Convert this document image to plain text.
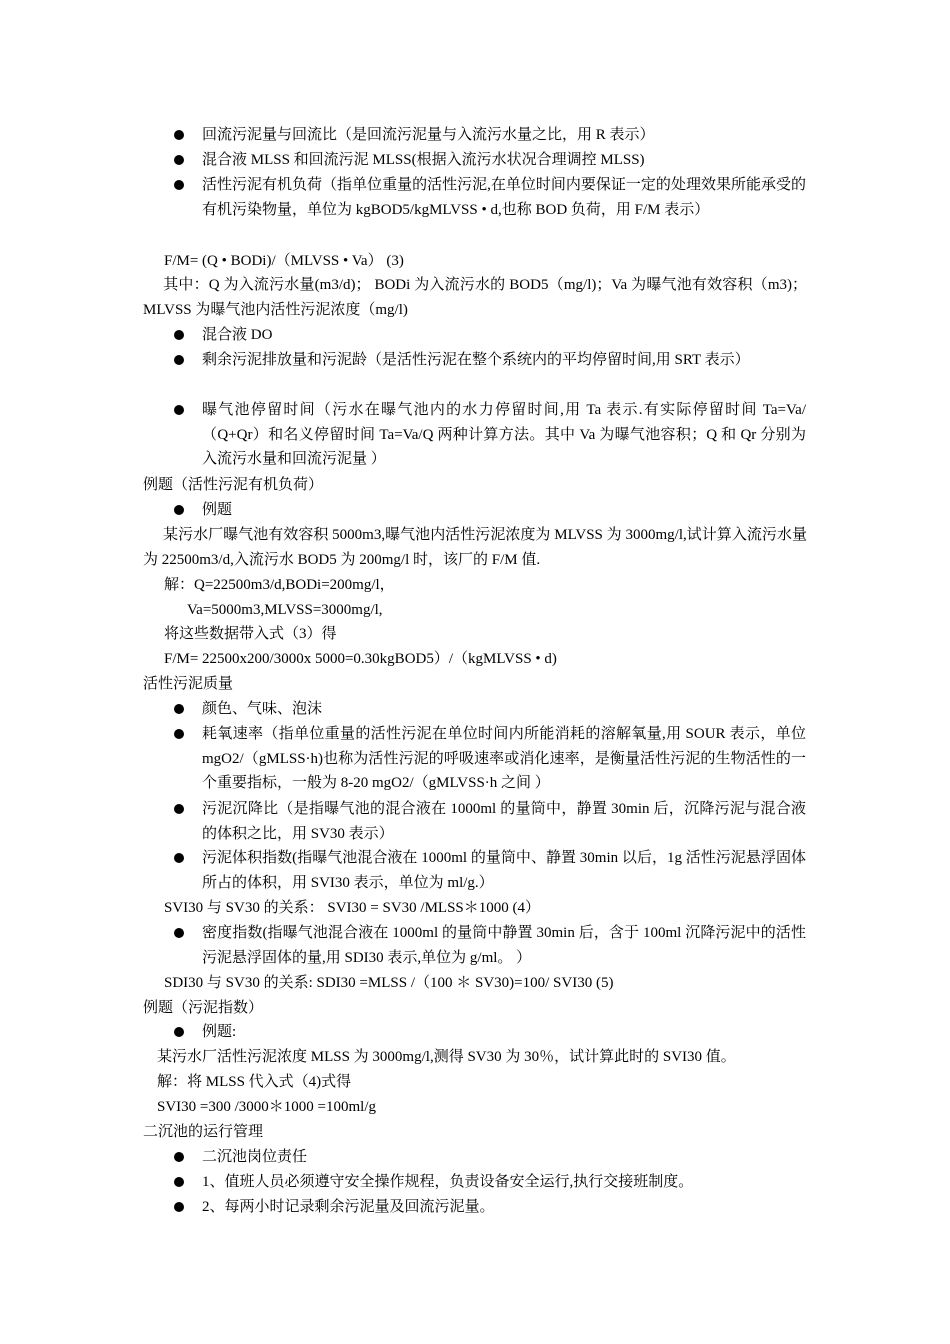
回流污泥量与回流比（是回流污泥量与入流污水量之比，用 R 表示）
混合液 MLSS 和回流污泥 MLSS(根据入流污水状况合理调控 MLSS)
活性污泥有机负荷（指单位重量的活性污泥,在单位时间内要保证一定的处理效果所能承受的有机污染物量，单位为 kgBOD5/kgMLVSS • d,也称 BOD 负荷，用 F/M 表示）
F/M= (Q • BODi)/（MLVSS • Va） (3)
其中：Q 为入流污水量(m3/d)； BODi 为入流污水的 BOD5（mg/l)；Va 为曝气池有效容积（m3)；MLVSS 为曝气池内活性污泥浓度（mg/l)
混合液 DO
剩余污泥排放量和污泥龄（是活性污泥在整个系统内的平均停留时间,用 SRT 表示）
曝气池停留时间（污水在曝气池内的水力停留时间,用 Ta 表示.有实际停留时间 Ta=Va/（Q+Qr）和名义停留时间 Ta=Va/Q 两种计算方法。其中 Va 为曝气池容积；Q 和 Qr 分别为入流污水量和回流污泥量 ）
例题（活性污泥有机负荷）
例题
某污水厂曝气池有效容积 5000m3,曝气池内活性污泥浓度为 MLVSS 为 3000mg/l,试计算入流污水量为 22500m3/d,入流污水 BOD5 为 200mg/l 时，该厂的 F/M 值.
解：Q=22500m3/d,BODi=200mg/l，
Va=5000m3,MLVSS=3000mg/l,
将这些数据带入式（3）得
F/M= 22500x200/3000x 5000=0.30kgBOD5）/（kgMLVSS • d)
活性污泥质量
颜色、气味、泡沫
耗氧速率（指单位重量的活性污泥在单位时间内所能消耗的溶解氧量,用 SOUR 表示，单位 mgO2/（gMLSS·h)也称为活性污泥的呼吸速率或消化速率，是衡量活性污泥的生物活性的一个重要指标，一般为 8-20 mgO2/（gMLVSS·h 之间 ）
污泥沉降比（是指曝气池的混合液在 1000ml 的量筒中，静置 30min 后，沉降污泥与混合液的体积之比，用 SV30 表示）
污泥体积指数(指曝气池混合液在 1000ml 的量筒中、静置 30min 以后，1g 活性污泥悬浮固体所占的体积，用 SVI30 表示，单位为 ml/g.）
SVI30 与 SV30 的关系： SVI30 = SV30 /MLSS＊1000 (4）
密度指数(指曝气池混合液在 1000ml 的量筒中静置 30min 后，含于 100ml 沉降污泥中的活性污泥悬浮固体的量,用 SDI30 表示,单位为 g/ml。 ）
SDI30 与 SV30 的关系: SDI30 =MLSS /（100 ＊ SV30)=100/ SVI30 (5)
例题（污泥指数）
例题:
某污水厂活性污泥浓度 MLSS 为 3000mg/l,测得 SV30 为 30％，试计算此时的 SVI30 值。
解：将 MLSS 代入式（4)式得
SVI30 =300 /3000＊1000 =100ml/g
二沉池的运行管理
二沉池岗位责任
1、值班人员必须遵守安全操作规程，负责设备安全运行,执行交接班制度。
2、每两小时记录剩余污泥量及回流污泥量。
